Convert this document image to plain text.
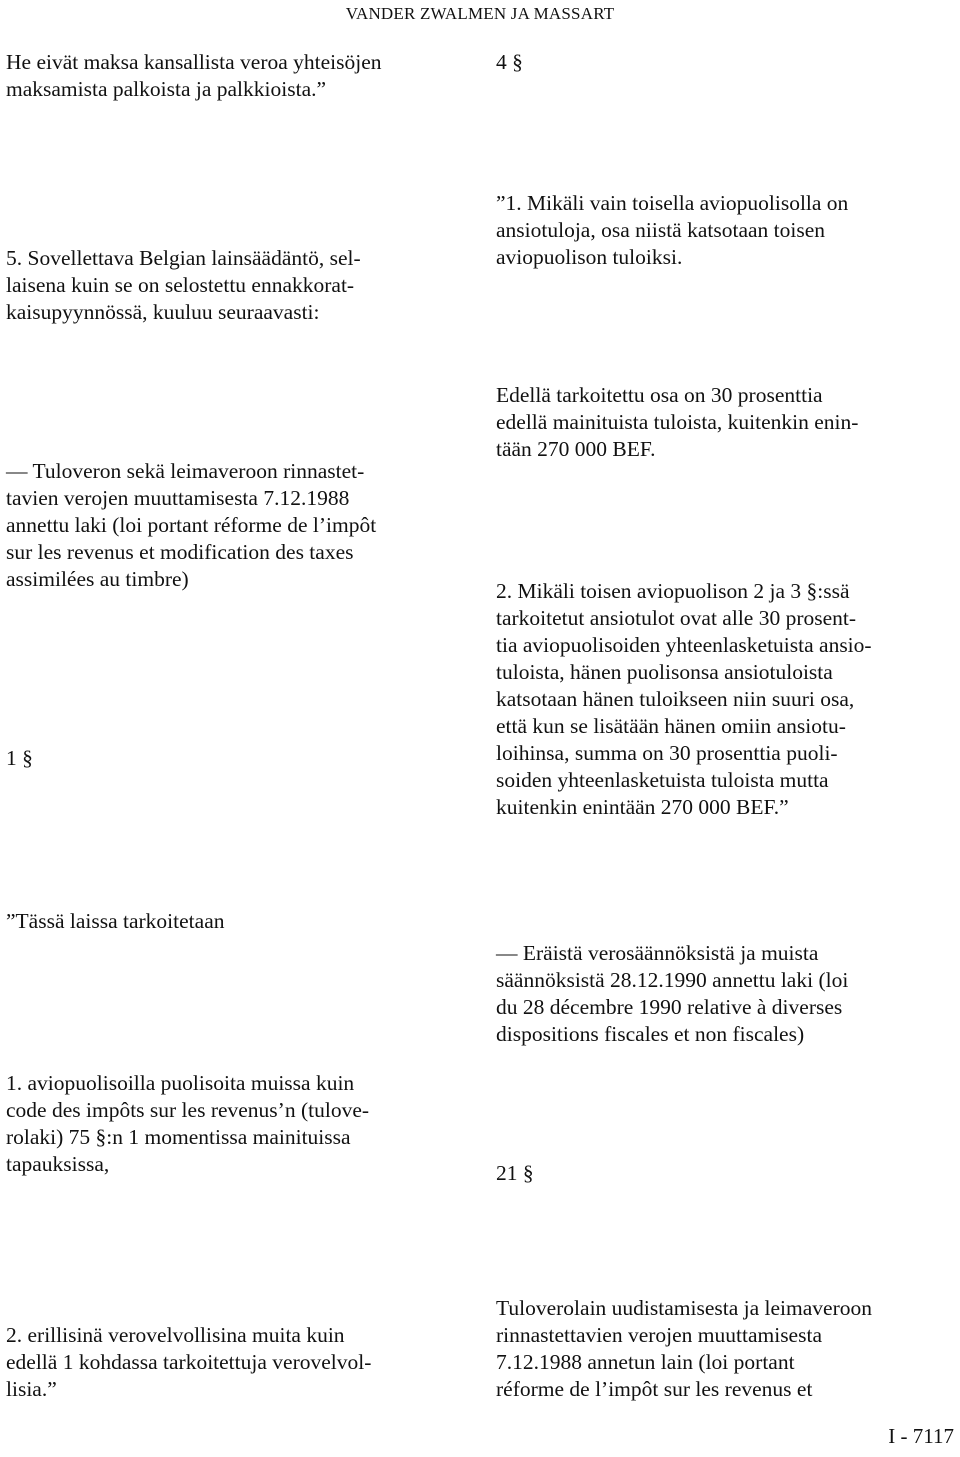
VANDER ZWALMEN JA MASSART
He eivät maksa kansallista veroa yhteisöjen
maksamista palkoista ja palkkioista.”
5. Sovellettava Belgian lainsäädäntö, sel-
laisena kuin se on selostettu ennakkorat-
kaisupyynnössä, kuuluu seuraavasti:
— Tuloveron sekä leimaveroon rinnastet-
tavien verojen muuttamisesta 7.12.1988
annettu laki (loi portant réforme de l’impôt
sur les revenus et modification des taxes
assimilées au timbre)
1 §
”Tässä laissa tarkoitetaan
1. aviopuolisoilla puolisoita muissa kuin
code des impôts sur les revenus’n (tulove-
rolaki) 75 §:n 1 momentissa mainituissa
tapauksissa,
2. erillisinä verovelvollisina muita kuin
edellä 1 kohdassa tarkoitettuja verovelvol-
lisia.”
4 §
”1. Mikäli vain toisella aviopuolisolla on
ansiotuloja, osa niistä katsotaan toisen
aviopuolison tuloiksi.
Edellä tarkoitettu osa on 30 prosenttia
edellä mainituista tuloista, kuitenkin enin-
tään 270 000 BEF.
2. Mikäli toisen aviopuolison 2 ja 3 §:ssä
tarkoitetut ansiotulot ovat alle 30 prosent-
tia aviopuolisoiden yhteenlasketuista ansio-
tuloista, hänen puolisonsa ansiotuloista
katsotaan hänen tuloikseen niin suuri osa,
että kun se lisätään hänen omiin ansiotu-
loihinsa, summa on 30 prosenttia puoli-
soiden yhteenlasketuista tuloista mutta
kuitenkin enintään 270 000 BEF.”
— Eräistä verosäännöksistä ja muista
säännöksistä 28.12.1990 annettu laki (loi
du 28 décembre 1990 relative à diverses
dispositions fiscales et non fiscales)
21 §
Tuloverolain uudistamisesta ja leimaveroon
rinnastettavien verojen muuttamisesta
7.12.1988 annetun lain (loi portant
réforme de l’impôt sur les revenus et
I - 7117
